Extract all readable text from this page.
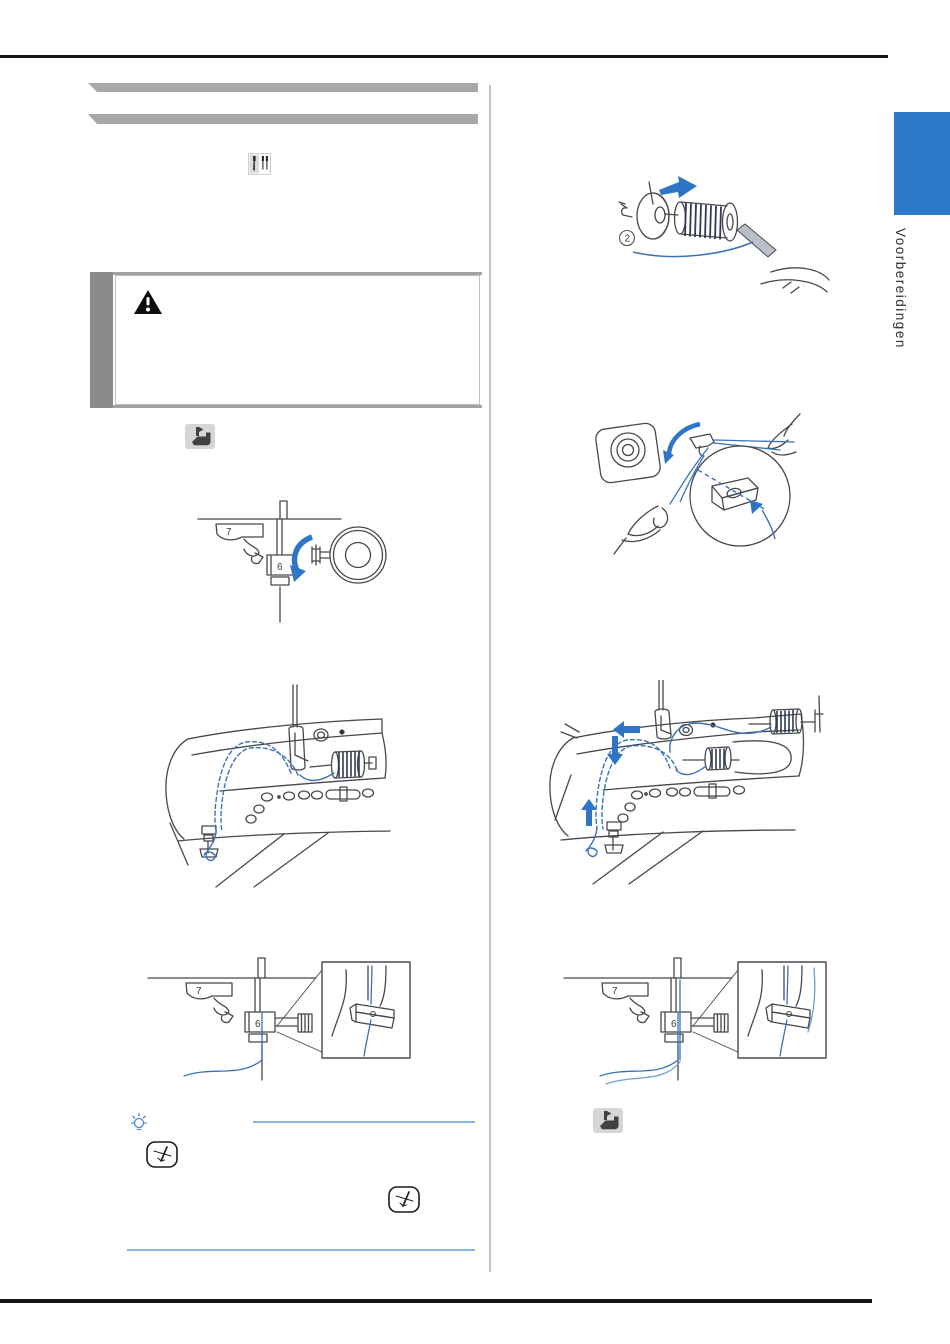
Voorbereidingen
7
6
7
6
2
7
6
